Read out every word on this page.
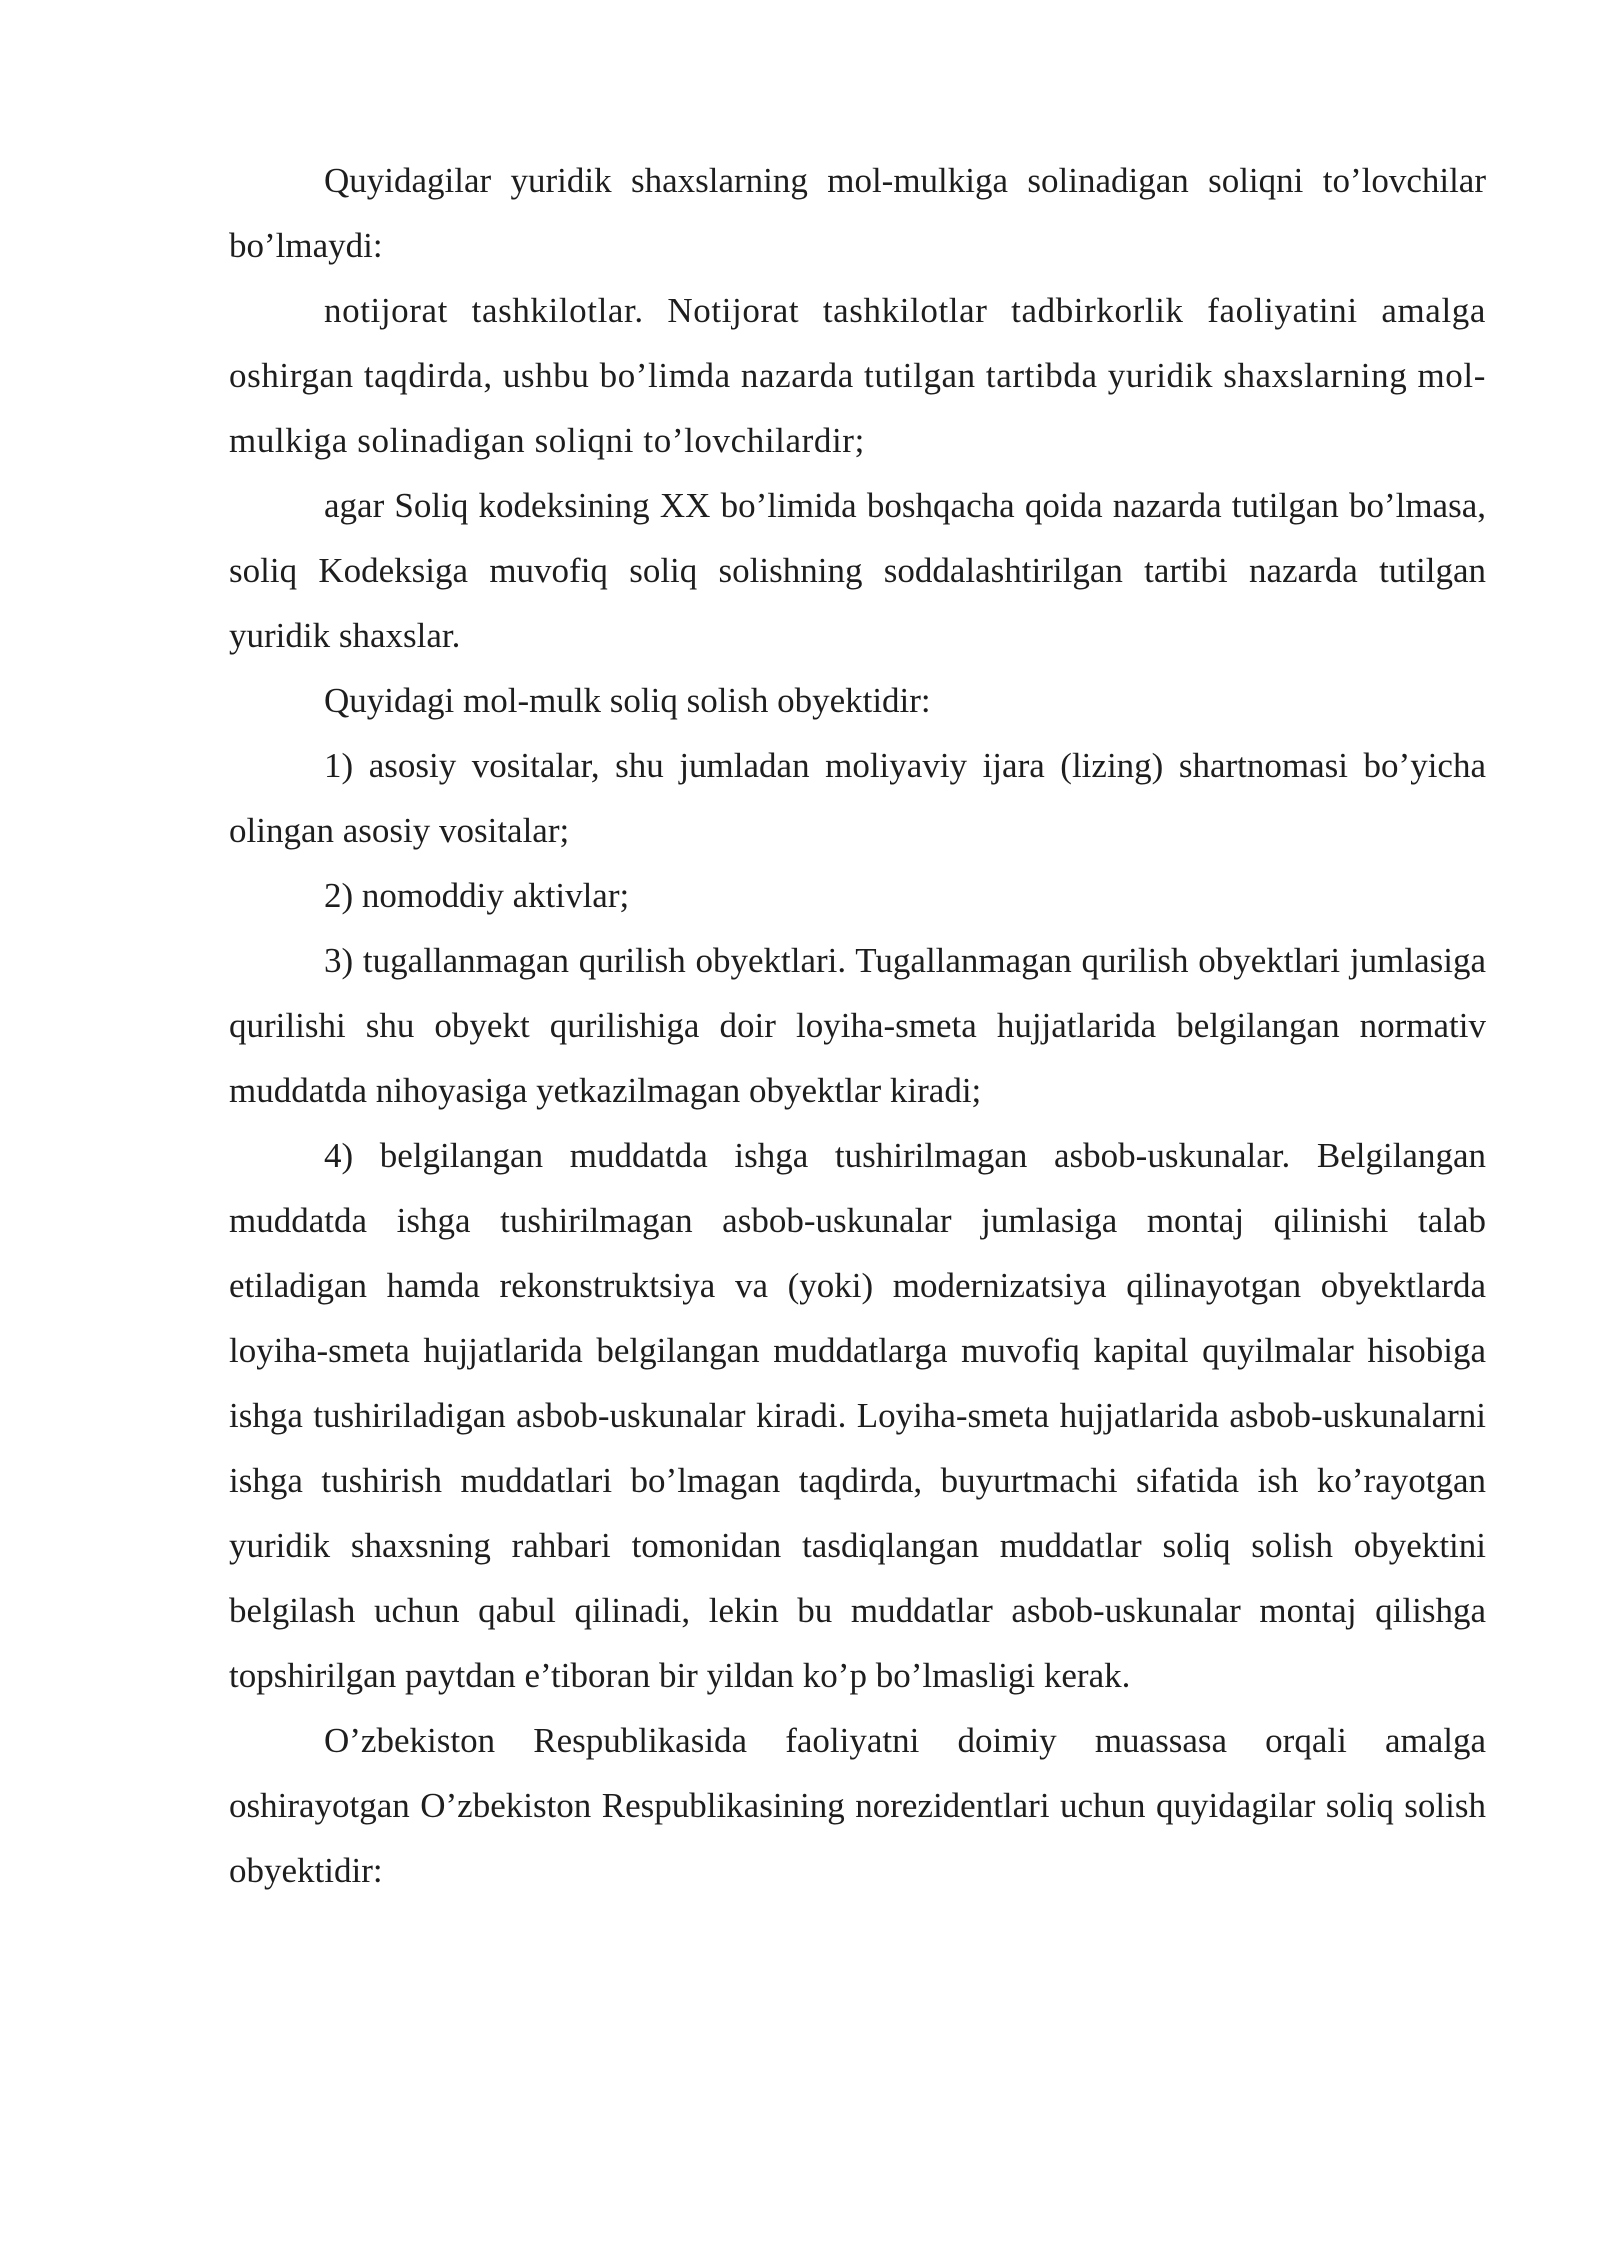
Quyidagilar yuridik shaxslarning mol-mulkiga solinadigan soliqni to’lovchilar bo’lmaydi:

notijorat tashkilotlar. Notijorat tashkilotlar tadbirkorlik faoliyatini amalga oshirgan taqdirda, ushbu bo’limda nazarda tutilgan tartibda yuridik shaxslarning mol-mulkiga solinadigan soliqni to’lovchilardir;

agar Soliq kodeksining XX bo’limida boshqacha qoida nazarda tutilgan bo’lmasa, soliq Kodeksiga muvofiq soliq solishning soddalashtirilgan tartibi nazarda tutilgan yuridik shaxslar.

Quyidagi mol-mulk soliq solish obyektidir:

1) asosiy vositalar, shu jumladan moliyaviy ijara (lizing) shartnomasi bo’yicha olingan asosiy vositalar;

2) nomoddiy aktivlar;

3) tugallanmagan qurilish obyektlari. Tugallanmagan qurilish obyektlari jumlasiga qurilishi shu obyekt qurilishiga doir loyiha-smeta hujjatlarida belgilangan normativ muddatda nihoyasiga yetkazilmagan obyektlar kiradi;

4) belgilangan muddatda ishga tushirilmagan asbob-uskunalar. Belgilangan muddatda ishga tushirilmagan asbob-uskunalar jumlasiga montaj qilinishi talab etiladigan hamda rekonstruktsiya va (yoki) modernizatsiya qilinayotgan obyektlarda loyiha-smeta hujjatlarida belgilangan muddatlarga muvofiq kapital quyilmalar hisobiga ishga tushiriladigan asbob-uskunalar kiradi. Loyiha-smeta hujjatlarida asbob-uskunalarni ishga tushirish muddatlari bo’lmagan taqdirda, buyurtmachi sifatida ish ko’rayotgan yuridik shaxsning rahbari tomonidan tasdiqlangan muddatlar soliq solish obyektini belgilash uchun qabul qilinadi, lekin bu muddatlar asbob-uskunalar montaj qilishga topshirilgan paytdan e’tiboran bir yildan ko’p bo’lmasligi kerak.

O’zbekiston Respublikasida faoliyatni doimiy muassasa orqali amalga oshirayotgan O’zbekiston Respublikasining norezidentlari uchun quyidagilar soliq solish obyektidir:
